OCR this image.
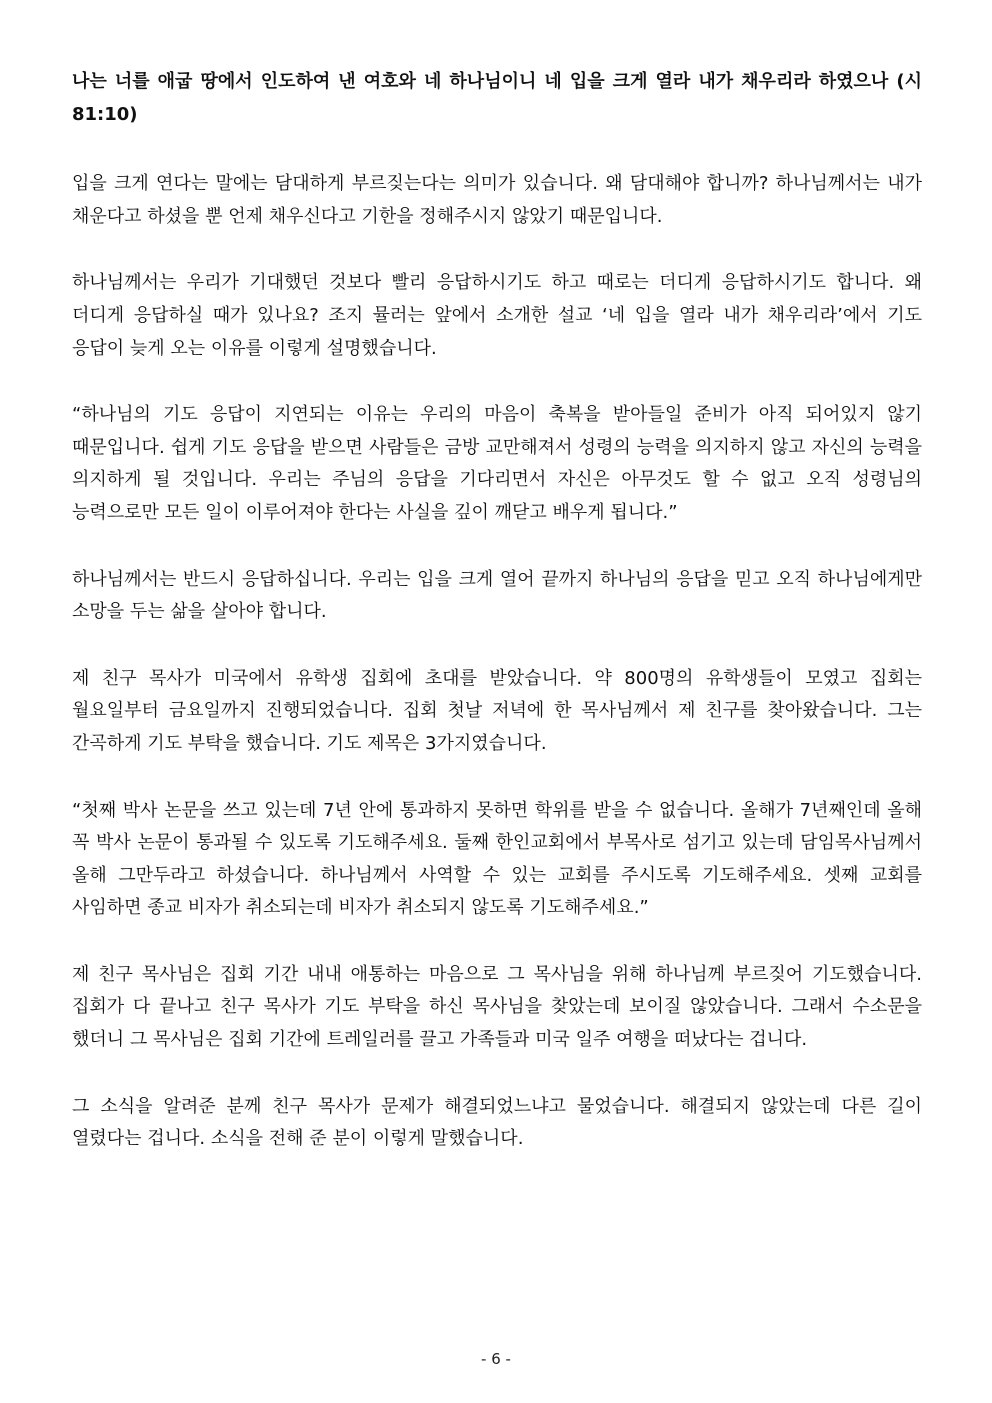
나는 너를 애굽 땅에서 인도하여 낸 여호와 네 하나님이니 네 입을 크게 열라 내가 채우리라 하였으나 (시 81:10)

입을 크게 연다는 말에는 담대하게 부르짖는다는 의미가 있습니다. 왜 담대해야 합니까? 하나님께서는 내가 채운다고 하셨을 뿐 언제 채우신다고 기한을 정해주시지 않았기 때문입니다.

하나님께서는 우리가 기대했던 것보다 빨리 응답하시기도 하고 때로는 더디게 응답하시기도 합니다. 왜 더디게 응답하실 때가 있나요? 조지 뮬러는 앞에서 소개한 설교 ‘네 입을 열라 내가 채우리라’에서 기도 응답이 늦게 오는 이유를 이렇게 설명했습니다.

“하나님의 기도 응답이 지연되는 이유는 우리의 마음이 축복을 받아들일 준비가 아직 되어있지 않기 때문입니다. 쉽게 기도 응답을 받으면 사람들은 금방 교만해져서 성령의 능력을 의지하지 않고 자신의 능력을 의지하게 될 것입니다. 우리는 주님의 응답을 기다리면서 자신은 아무것도 할 수 없고 오직 성령님의 능력으로만 모든 일이 이루어져야 한다는 사실을 깊이 깨닫고 배우게 됩니다.”

하나님께서는 반드시 응답하십니다. 우리는 입을 크게 열어 끝까지 하나님의 응답을 믿고 오직 하나님에게만 소망을 두는 삶을 살아야 합니다.

제 친구 목사가 미국에서 유학생 집회에 초대를 받았습니다. 약 800명의 유학생들이 모였고 집회는 월요일부터 금요일까지 진행되었습니다. 집회 첫날 저녁에 한 목사님께서 제 친구를 찾아왔습니다. 그는 간곡하게 기도 부탁을 했습니다. 기도 제목은 3가지였습니다.

“첫째 박사 논문을 쓰고 있는데 7년 안에 통과하지 못하면 학위를 받을 수 없습니다. 올해가 7년째인데 올해 꼭 박사 논문이 통과될 수 있도록 기도해주세요. 둘째 한인교회에서 부목사로 섬기고 있는데 담임목사님께서 올해 그만두라고 하셨습니다. 하나님께서 사역할 수 있는 교회를 주시도록 기도해주세요. 셋째 교회를 사임하면 종교 비자가 취소되는데 비자가 취소되지 않도록 기도해주세요.”

제 친구 목사님은 집회 기간 내내 애통하는 마음으로 그 목사님을 위해 하나님께 부르짖어 기도했습니다. 집회가 다 끝나고 친구 목사가 기도 부탁을 하신 목사님을 찾았는데 보이질 않았습니다. 그래서 수소문을 했더니 그 목사님은 집회 기간에 트레일러를 끌고 가족들과 미국 일주 여행을 떠났다는 겁니다.

그 소식을 알려준 분께 친구 목사가 문제가 해결되었느냐고 물었습니다. 해결되지 않았는데 다른 길이 열렸다는 겁니다. 소식을 전해 준 분이 이렇게 말했습니다.

- 6 -
